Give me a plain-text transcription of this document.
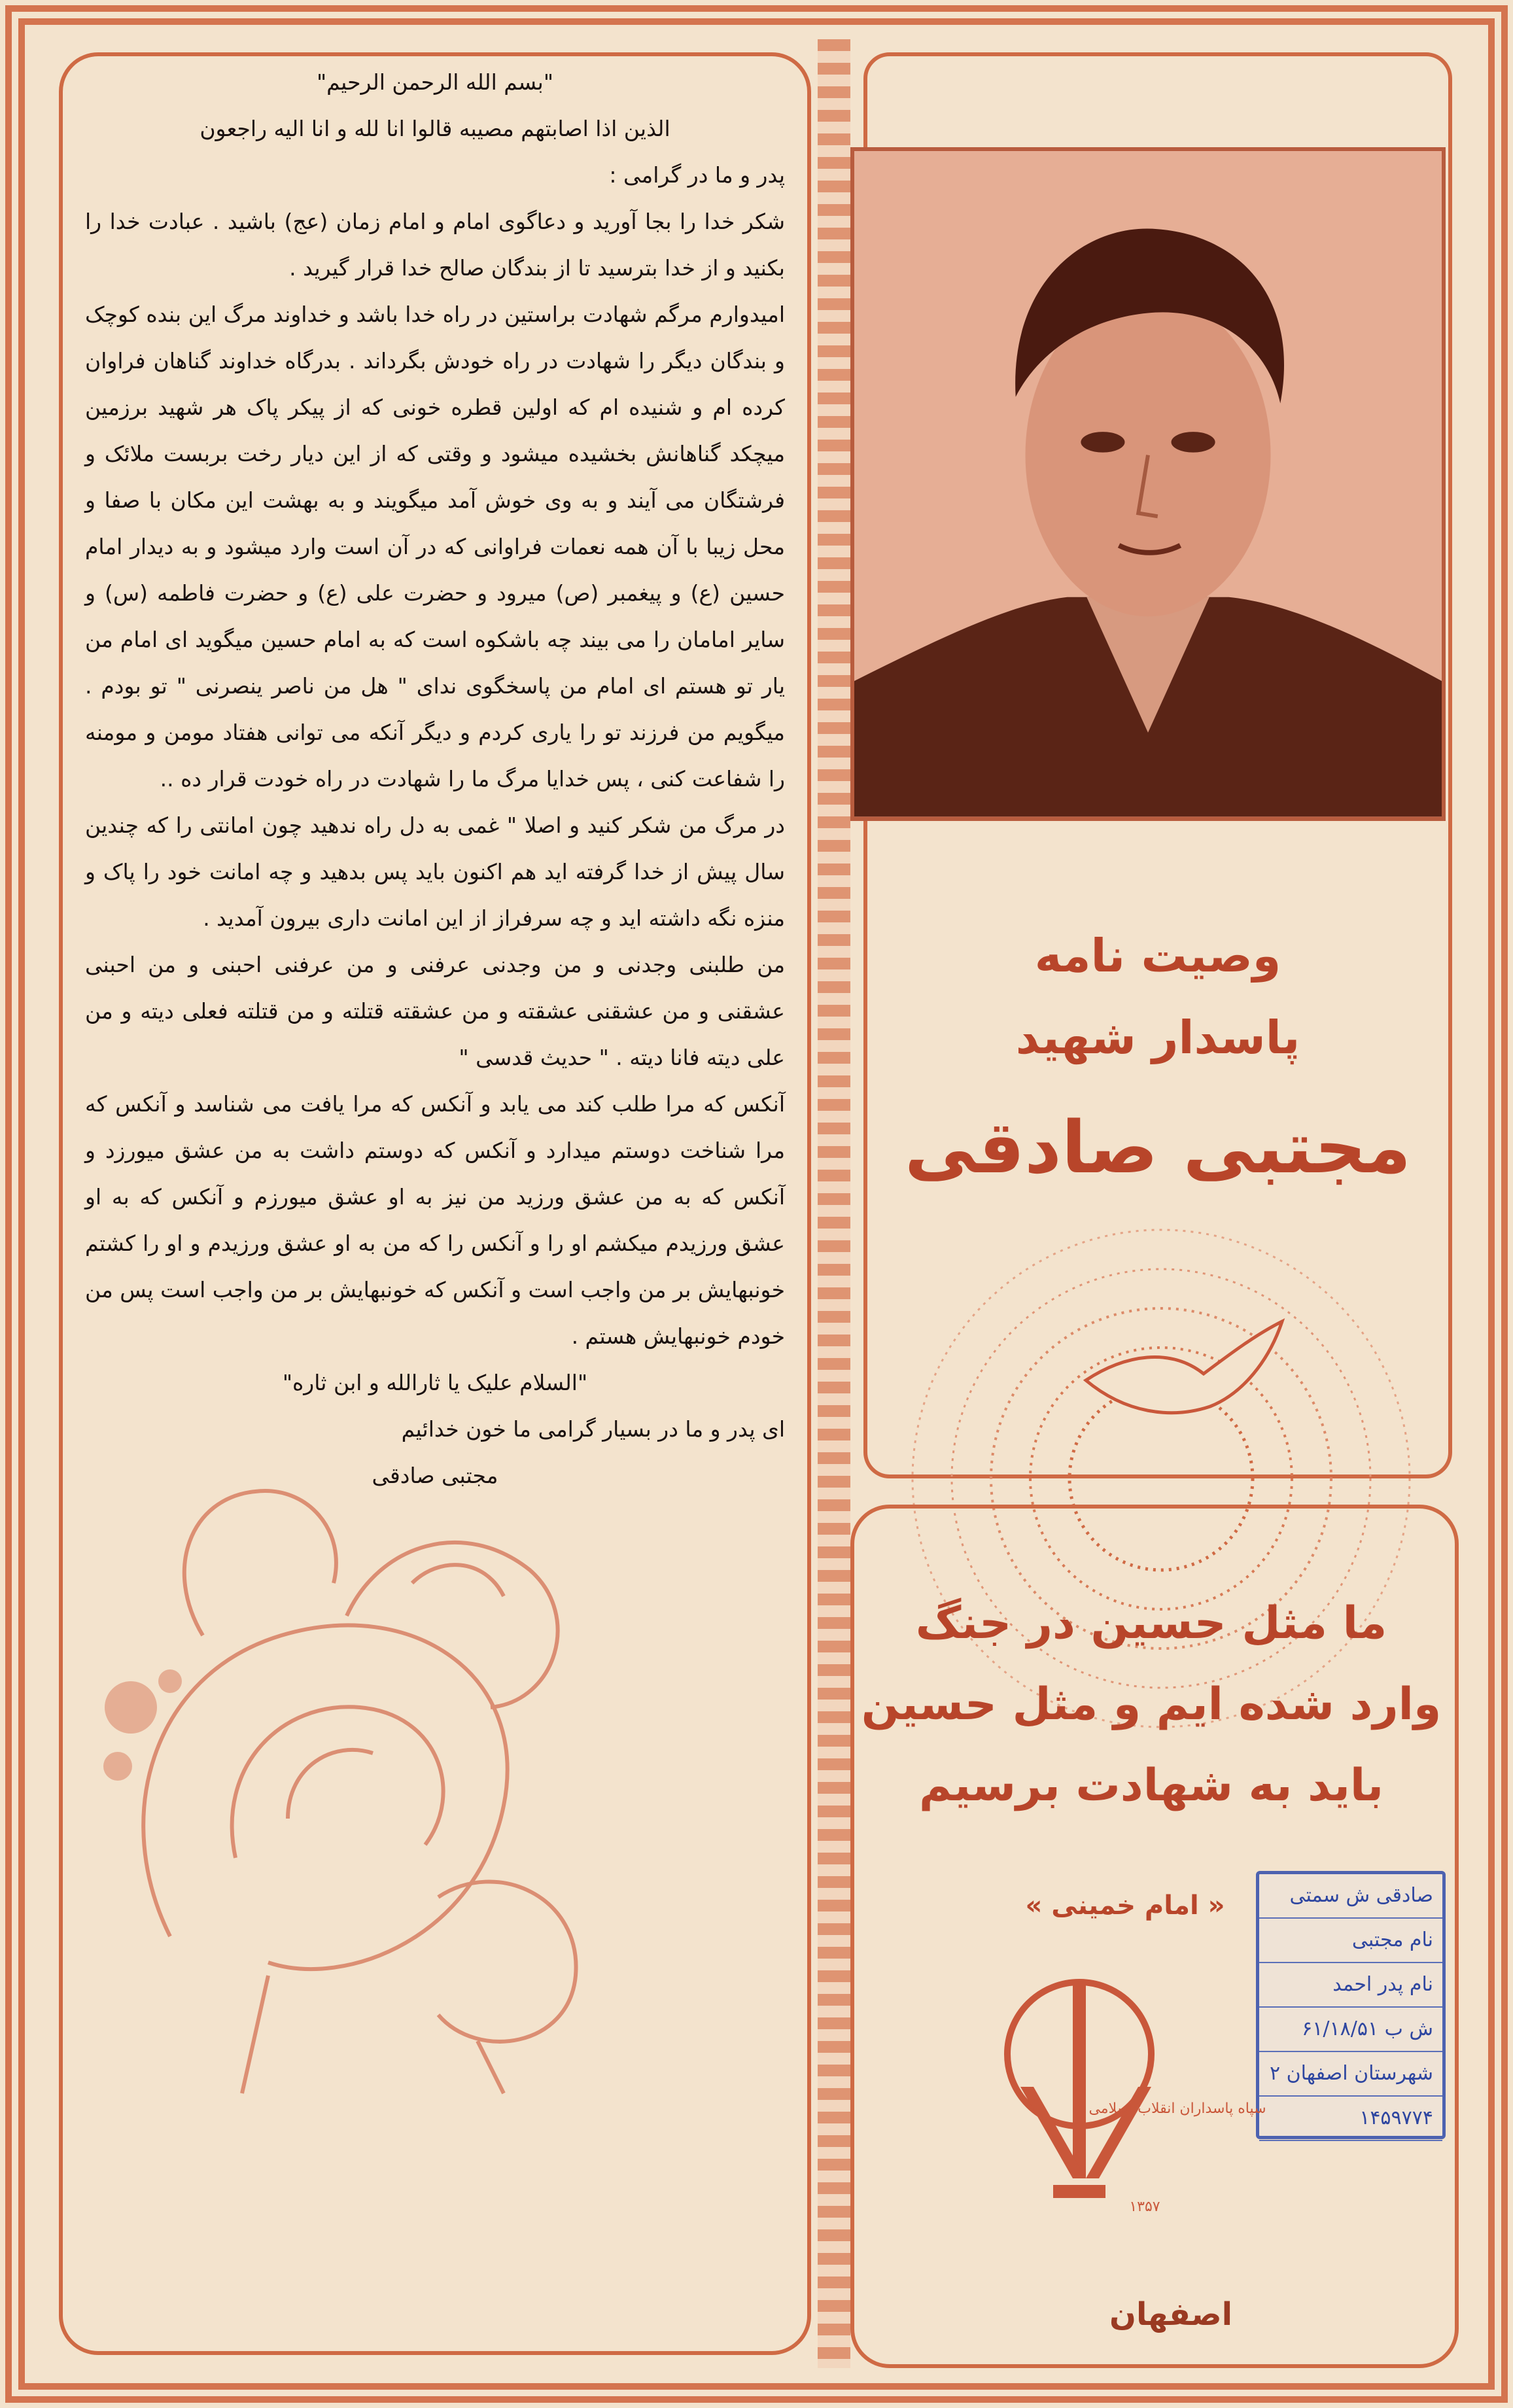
"بسم الله الرحمن الرحیم"

الذین اذا اصابتهم مصیبه قالوا انا لله و انا الیه راجعون

پدر و ما در گرامی :

شکر خدا را بجا آورید و دعاگوی امام و امام زمان (عج) باشید . عبادت خدا را بکنید و از خدا بترسید تا از بندگان صالح خدا قرار گیرید .

امیدوارم مرگم شهادت براستین در راه خدا باشد و خداوند مرگ این بنده کوچک و بندگان دیگر را شهادت در راه خودش بگرداند . بدرگاه خداوند گناهان فراوان کرده ام و شنیده ام که اولین قطره خونی که از پیکر پاک هر شهید برزمین میچکد گناهانش بخشیده میشود و وقتی که از این دیار رخت بربست ملائک و فرشتگان می آیند و به وی خوش آمد میگویند و به بهشت این مکان با صفا و محل زیبا با آن همه نعمات فراوانی که در آن است وارد میشود و به دیدار امام حسین (ع) و پیغمبر (ص) میرود و حضرت علی (ع) و حضرت فاطمه (س) و سایر امامان را می بیند چه باشکوه است که به امام حسین میگوید ای امام من یار تو هستم ای امام من پاسخگوی ندای " هل من ناصر ینصرنی " تو بودم . میگویم من فرزند تو را یاری کردم و دیگر آنکه می توانی هفتاد مومن و مومنه را شفاعت کنی ، پس خدایا مرگ ما را شهادت در راه خودت قرار ده ..

در مرگ من شکر کنید و اصلا " غمی به دل راه ندهید چون امانتی را که چندین سال پیش از خدا گرفته اید هم اکنون باید پس بدهید و چه امانت خود را پاک و منزه نگه داشته اید و چه سرفراز از این امانت داری بیرون آمدید .

من طلبنی وجدنی و من وجدنی عرفنی و من عرفنی احبنی و من احبنی عشقنی و من عشقنی عشقته و من عشقته قتلته و من قتلته فعلی دیته و من علی دیته فانا دیته . " حدیث قدسی "

آنکس که مرا طلب کند می یابد و آنکس که مرا یافت می شناسد و آنکس که مرا شناخت دوستم میدارد و آنکس که دوستم داشت به من عشق میورزد و آنکس که به من عشق ورزید من نیز به او عشق میورزم و آنکس که به او عشق ورزیدم میکشم او را و آنکس را که من به او عشق ورزیدم و او را کشتم خونبهایش بر من واجب است و آنکس که خونبهایش بر من واجب است پس من خودم خونبهایش هستم .

"السلام علیک یا ثارالله و ابن ثاره"

ای پدر و ما در بسیار گرامی ما خون خدائیم

مجتبی صادقی

وصیت نامه
پاسدار شهید
مجتبی صادقی
ما مثل حسین در جنگ
وارد شده ایم و مثل حسین
باید به شهادت برسیم
« امام خمینی »	صادقی ش سمتی
نام مجتبی
نام پدر احمد
ش ب ۶۱/۱۸/۵۱
شهرستان اصفهان ۲
۱۴۵۹۷۷۴
سپاه پاسداران انقلاب اسلامی
۱۳۵۷
اصفهان
